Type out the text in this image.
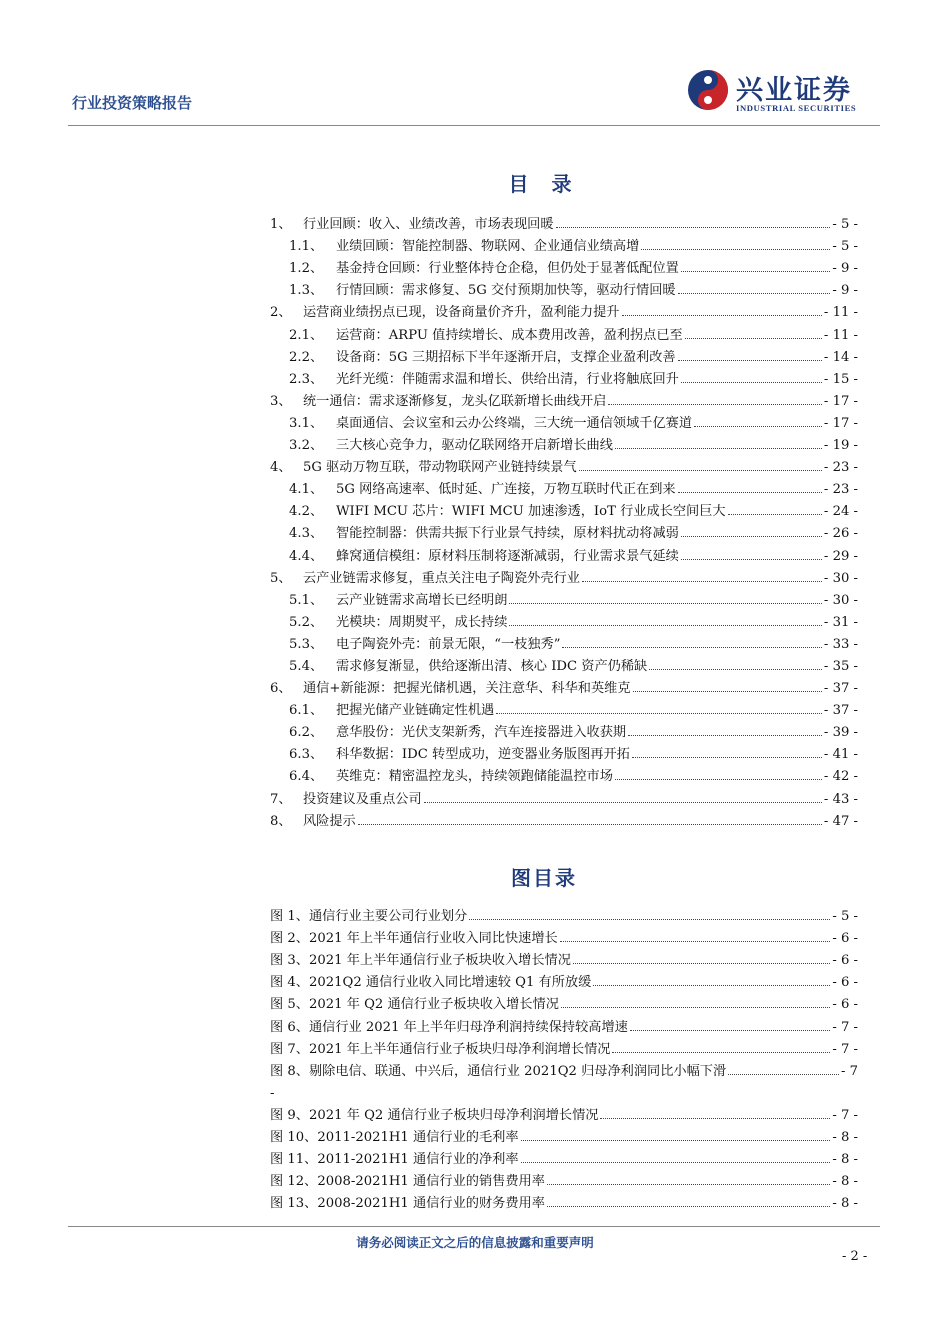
行业投资策略报告	兴业证券
INDUSTRIAL SECURITIES
目 录
1、 行业回顾：收入、业绩改善，市场表现回暖	- 5 -
1.1、 业绩回顾：智能控制器、物联网、企业通信业绩高增	- 5 -
1.2、 基金持仓回顾：行业整体持仓企稳，但仍处于显著低配位置	- 9 -
1.3、 行情回顾：需求修复、5G 交付预期加快等，驱动行情回暖	- 9 -
2、 运营商业绩拐点已现，设备商量价齐升，盈利能力提升	- 11 -
2.1、 运营商：ARPU 值持续增长、成本费用改善，盈利拐点已至	- 11 -
2.2、 设备商：5G 三期招标下半年逐渐开启，支撑企业盈利改善	- 14 -
2.3、 光纤光缆：伴随需求温和增长、供给出清，行业将触底回升	- 15 -
3、 统一通信：需求逐渐修复，龙头亿联新增长曲线开启	- 17 -
3.1、 桌面通信、会议室和云办公终端，三大统一通信领域千亿赛道	- 17 -
3.2、 三大核心竞争力，驱动亿联网络开启新增长曲线	- 19 -
4、 5G 驱动万物互联，带动物联网产业链持续景气	- 23 -
4.1、 5G 网络高速率、低时延、广连接，万物互联时代正在到来	- 23 -
4.2、 WIFI MCU 芯片：WIFI MCU 加速渗透，IoT 行业成长空间巨大	- 24 -
4.3、 智能控制器：供需共振下行业景气持续，原材料扰动将减弱	- 26 -
4.4、 蜂窝通信模组：原材料压制将逐渐减弱，行业需求景气延续	- 29 -
5、 云产业链需求修复，重点关注电子陶瓷外壳行业	- 30 -
5.1、 云产业链需求高增长已经明朗	- 30 -
5.2、 光模块：周期熨平，成长持续	- 31 -
5.3、 电子陶瓷外壳：前景无限，“一枝独秀”	- 33 -
5.4、 需求修复渐显，供给逐渐出清、核心 IDC 资产仍稀缺	- 35 -
6、 通信+新能源：把握光储机遇，关注意华、科华和英维克	- 37 -
6.1、 把握光储产业链确定性机遇	- 37 -
6.2、 意华股份：光伏支架新秀，汽车连接器进入收获期	- 39 -
6.3、 科华数据：IDC 转型成功，逆变器业务版图再开拓	- 41 -
6.4、 英维克：精密温控龙头，持续领跑储能温控市场	- 42 -
7、 投资建议及重点公司	- 43 -
8、 风险提示	- 47 -
图目录
图 1、通信行业主要公司行业划分	- 5 -
图 2、2021 年上半年通信行业收入同比快速增长	- 6 -
图 3、2021 年上半年通信行业子板块收入增长情况	- 6 -
图 4、2021Q2 通信行业收入同比增速较 Q1 有所放缓	- 6 -
图 5、2021 年 Q2 通信行业子板块收入增长情况	- 6 -
图 6、通信行业 2021 年上半年归母净利润持续保持较高增速	- 7 -
图 7、2021 年上半年通信行业子板块归母净利润增长情况	- 7 -
图 8、剔除电信、联通、中兴后，通信行业 2021Q2 归母净利润同比小幅下滑	- 7
-
图 9、2021 年 Q2 通信行业子板块归母净利润增长情况	- 7 -
图 10、2011-2021H1 通信行业的毛利率	- 8 -
图 11、2011-2021H1 通信行业的净利率	- 8 -
图 12、2008-2021H1 通信行业的销售费用率	- 8 -
图 13、2008-2021H1 通信行业的财务费用率	- 8 -
请务必阅读正文之后的信息披露和重要声明
- 2 -
